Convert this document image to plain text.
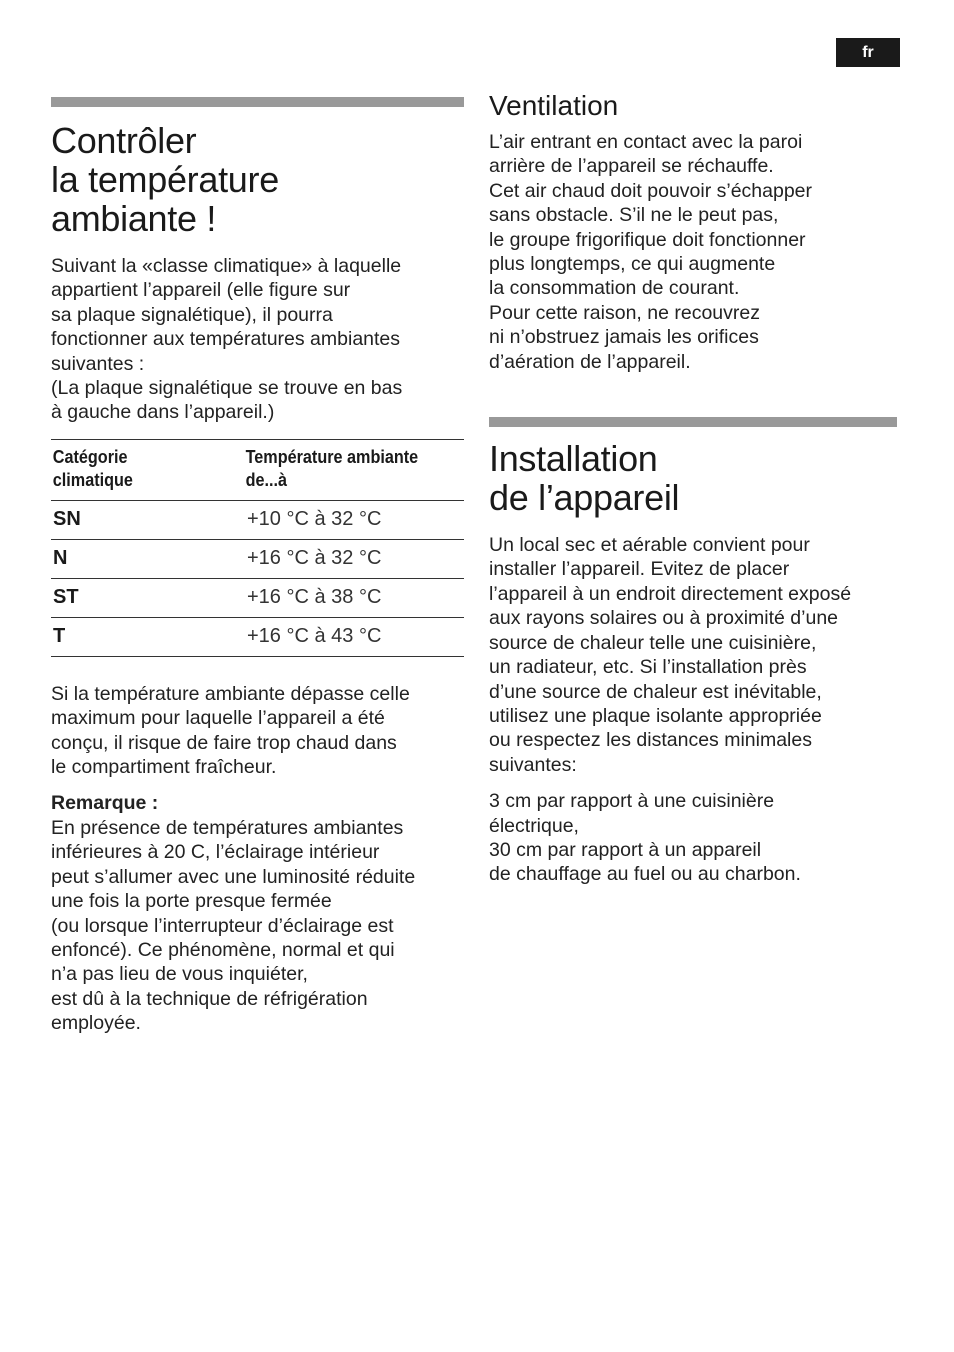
fr
Contrôler
la température
ambiante !

Suivant la «classe climatique» à laquelle
appartient l’appareil (elle figure sur
sa plaque signalétique), il pourra
fonctionner aux températures ambiantes
suivantes :
(La plaque signalétique se trouve en bas
à gauche dans l’appareil.)

Catégorie
climatique	Température ambiante
de...à
SN	+10 °C à 32 °C
N	+16 °C à 32 °C
ST	+16 °C à 38 °C
T	+16 °C à 43 °C

Si la température ambiante dépasse celle
maximum pour laquelle l’appareil a été
conçu, il risque de faire trop chaud dans
le compartiment fraîcheur.

Remarque :

En présence de températures ambiantes
inférieures à 20 C, l’éclairage intérieur
peut s’allumer avec une luminosité réduite
une fois la porte presque fermée
(ou lorsque l’interrupteur d’éclairage est
enfoncé). Ce phénomène, normal et qui
n’a pas lieu de vous inquiéter,
est dû à la technique de réfrigération
employée.

Ventilation

L’air entrant en contact avec la paroi
arrière de l’appareil se réchauffe.
Cet air chaud doit pouvoir s’échapper
sans obstacle. S’il ne le peut pas,
le groupe frigorifique doit fonctionner
plus longtemps, ce qui augmente
la consommation de courant.
Pour cette raison, ne recouvrez
ni n’obstruez jamais les orifices
d’aération de l’appareil.

Installation
de l’appareil

Un local sec et aérable convient pour
installer l’appareil. Evitez de placer
l’appareil à un endroit directement exposé
aux rayons solaires ou à proximité d’une
source de chaleur telle une cuisinière,
un radiateur, etc. Si l’installation près
d’une source de chaleur est inévitable,
utilisez une plaque isolante appropriée
ou respectez les distances minimales
suivantes:

3 cm par rapport à une cuisinière
électrique,
30 cm par rapport à un appareil
de chauffage au fuel ou au charbon.
